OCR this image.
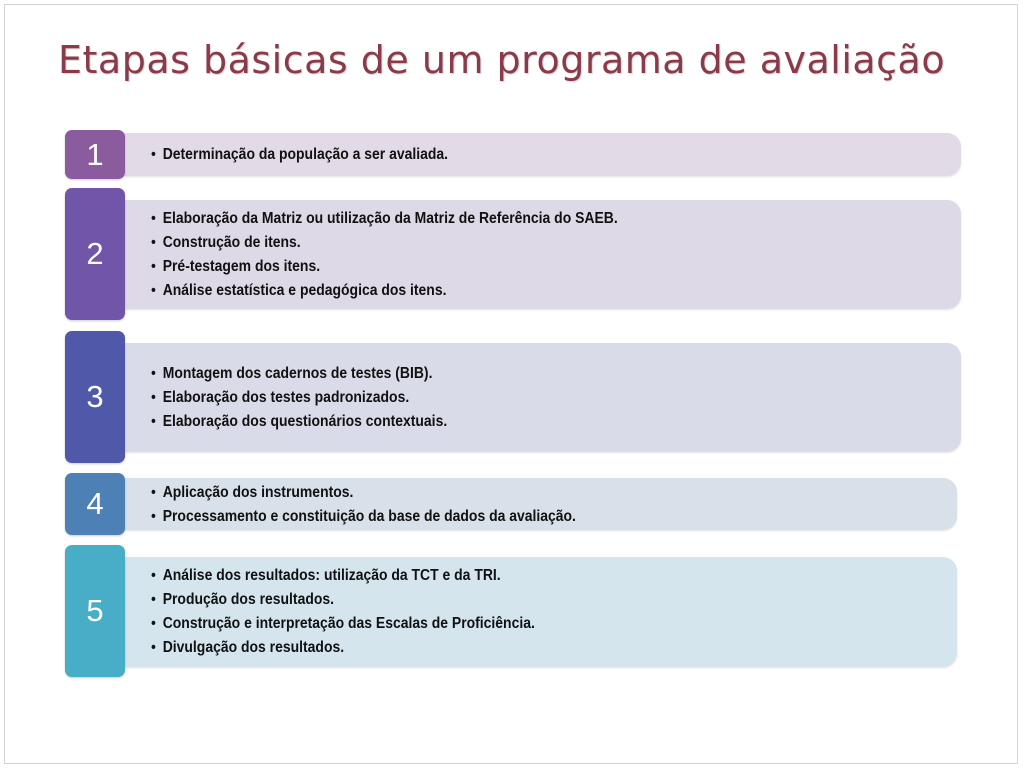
Etapas básicas de um programa de avaliação
1	• Determinação da população a ser avaliada.
2
• Elaboração da Matriz ou utilização da Matriz de Referência do SAEB.
• Construção de itens.
• Pré-testagem dos itens.
• Análise estatística e pedagógica dos itens.
3
• Montagem dos cadernos de testes (BIB).
• Elaboração dos testes padronizados.
• Elaboração dos questionários contextuais.
4	• Aplicação dos instrumentos.
• Processamento e constituição da base de dados da avaliação.
5
• Análise dos resultados: utilização da TCT e da TRI.
• Produção dos resultados.
• Construção e interpretação das Escalas de Proficiência.
• Divulgação dos resultados.
